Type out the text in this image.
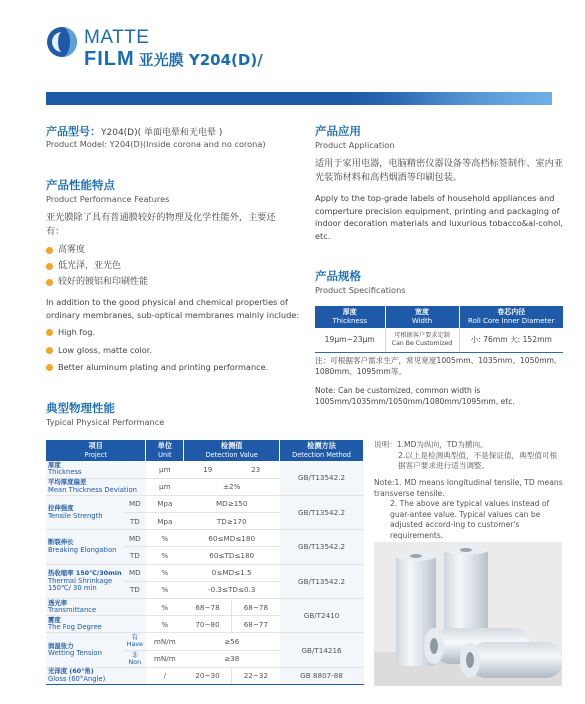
MATTE
FILM 亚光膜 Y204(D)/
产品型号：Y204(D)( 单面电晕和无电晕 )
Product Model: Y204(D)(Inside corona and no corona)
产品性能特点
Product Performance Features
亚光膜除了具有普通膜较好的物理及化学性能外，主要还有：
高雾度
低光泽，亚光色
较好的镀铝和印刷性能
In addition to the good physical and chemical properties of ordinary membranes, sub-optical membranes mainly include:
High fog.
Low gloss, matte color.
Better aluminum plating and printing performance.
产品应用
Product Application
适用于家用电器，电脑精密仪器设备等高档标签制作、室内亚光装饰材料和高档烟酒等印刷包装。
Apply to the top-grade labels of household appliances and comperture precision equipment, printing and packaging of indoor decoration materials and luxurious tobacco&al-cohol, etc.
产品规格
Product Specifications
厚度
Thickness	宽度
Width	卷芯内径
Roll Core Inner Diameter

19μm~23μm	可根据客户要求定制
Can Be Customized	小: 76mm 大: 152mm
注：可根据客户需求生产，常见宽度1005mm、1035mm、1050mm、1080mm、1095mm等。
Note: Can be customized, common width is 1005mm/1035mm/1050mm/1080mm/1095mm, etc.
典型物理性能
Typical Physical Performance
项目
Project		单位
Unit	检测值
Detection Value		检测方法
Detection Method

厚度
Thickness		μm	19	23	GB/T13542.2
平均厚度偏差
Mean Thickness Deviation		μm	±2%		
拉伸强度
Tensile Strength	MD	Mpa	MD≥150		GB/T13542.2
	TD	Mpa	TD≥170		
断裂伸长
Breaking Elongation	MD	%	60≤MD≤180		GB/T13542.2
	TD	%	60≤TD≤180		
热收缩率 150℃/30min
Thermal Shrinkage 150℃/ 30 min	MD	%	0≤MD≤1.5		GB/T13542.2
	TD	%	-0.3≤TD≤0.3		
透光率
Transmittance		%	68~78	68~78	GB/T2410
雾度
The Fog Degree		%	70~80	68~77	
润湿张力
Wetting Tension	有
Have	mN/m	≥56		GB/T14216
	非
Non	mN/m	≥38		
光泽度 (60°角)
Gloss (60°Angle)		/	20~30	22~32	GB 8807-88
说明：1.MD为纵向，TD为横向。
2.以上是检测典型值，不是保证值，典型值可根据客户要求进行适当调整。
Note:1. MD means longitudinal tensile, TD means transverse tensile.
2. The above are typical values instead of guar-antee value. Typical values can be adjusted accord-ing to customer's requirements.
